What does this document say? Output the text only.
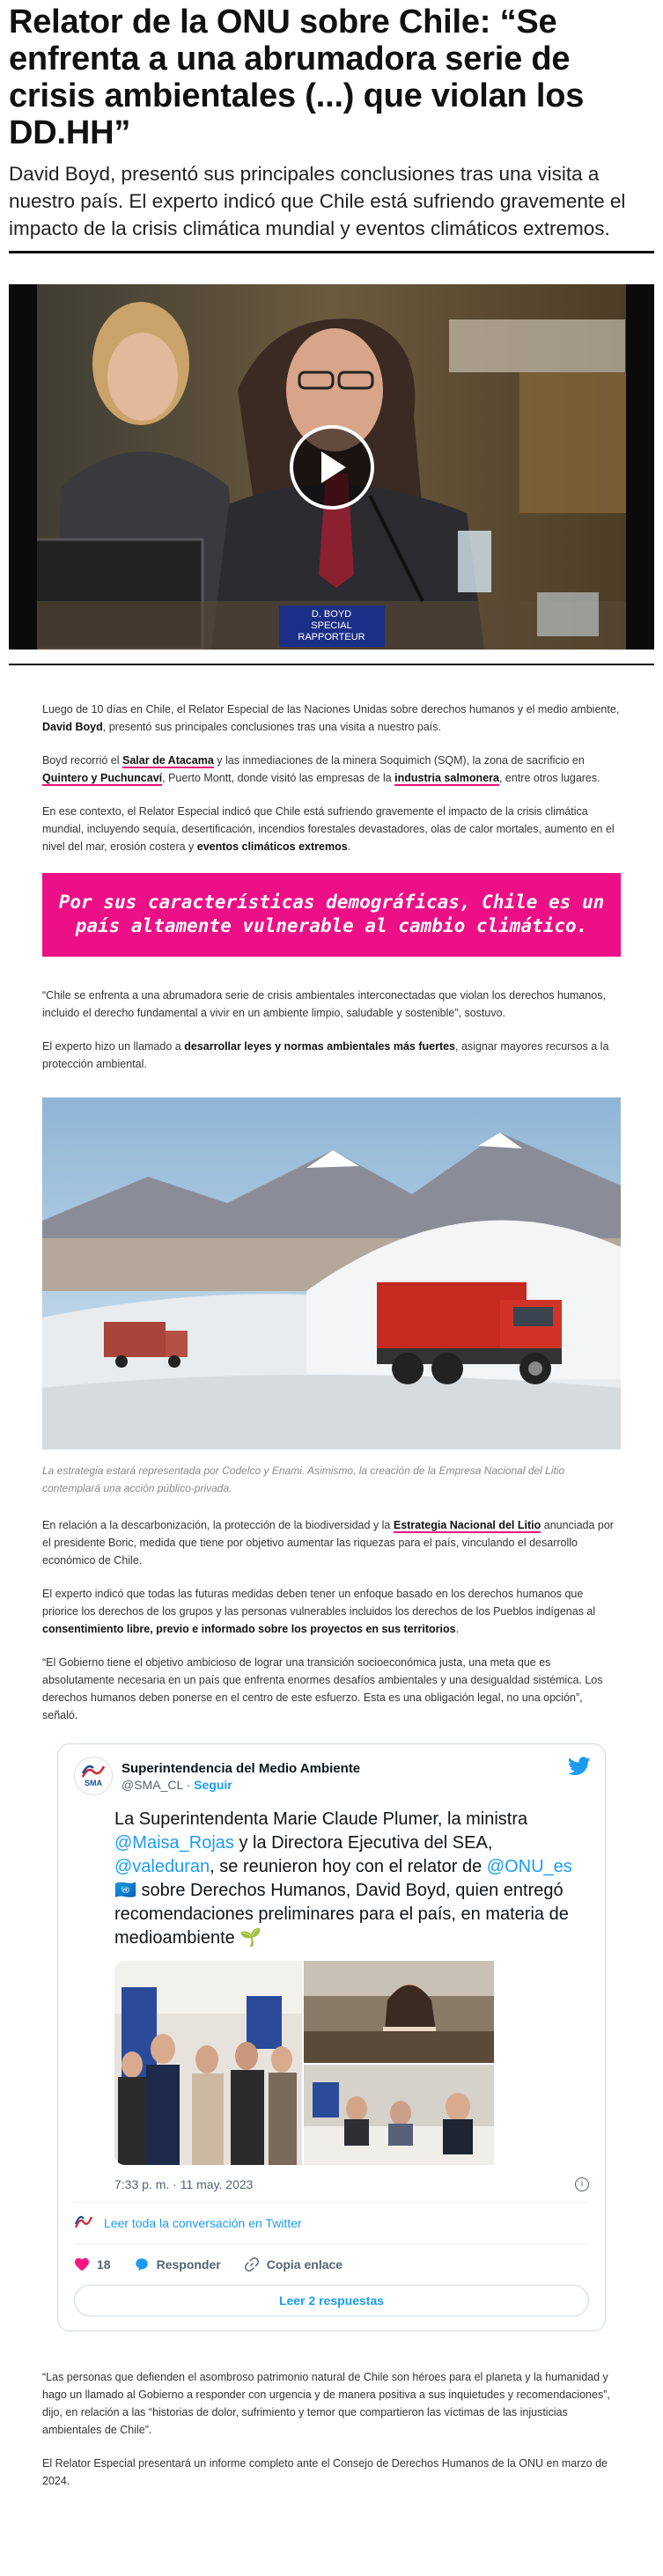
Relator de la ONU sobre Chile: “Se enfrenta a una abrumadora serie de crisis ambientales (...) que violan los DD.HH”

David Boyd, presentó sus principales conclusiones tras una visita a nuestro país. El experto indicó que Chile está sufriendo gravemente el impacto de la crisis climática mundial y eventos climáticos extremos.

D. BOYD
SPECIAL RAPPORTEUR

Luego de 10 días en Chile, el Relator Especial de las Naciones Unidas sobre derechos humanos y el medio ambiente, David Boyd, presentó sus principales conclusiones tras una visita a nuestro país.

Boyd recorrió el Salar de Atacama y las inmediaciones de la minera Soquimich (SQM), la zona de sacrificio en Quintero y Puchuncaví, Puerto Montt, donde visitó las empresas de la industria salmonera, entre otros lugares.

En ese contexto, el Relator Especial indicó que Chile está sufriendo gravemente el impacto de la crisis climática mundial, incluyendo sequía, desertificación, incendios forestales devastadores, olas de calor mortales, aumento en el nivel del mar, erosión costera y eventos climáticos extremos.

Por sus características demográficas, Chile es un país altamente vulnerable al cambio climático.

“Chile se enfrenta a una abrumadora serie de crisis ambientales interconectadas que violan los derechos humanos, incluido el derecho fundamental a vivir en un ambiente limpio, saludable y sostenible”, sostuvo.

El experto hizo un llamado a desarrollar leyes y normas ambientales más fuertes, asignar mayores recursos a la protección ambiental.

La estrategia estará representada por Codelco y Enami. Asimismo, la creación de la Empresa Nacional del Litio contemplará una acción público-privada.

En relación a la descarbonización, la protección de la biodiversidad y la Estrategia Nacional del Litio anunciada por el presidente Boric, medida que tiene por objetivo aumentar las riquezas para el país, vinculando el desarrollo económico de Chile.

El experto indicó que todas las futuras medidas deben tener un enfoque basado en los derechos humanos que priorice los derechos de los grupos y las personas vulnerables incluidos los derechos de los Pueblos indígenas al consentimiento libre, previo e informado sobre los proyectos en sus territorios.

“El Gobierno tiene el objetivo ambicioso de lograr una transición socioeconómica justa, una meta que es absolutamente necesaria en un país que enfrenta enormes desafíos ambientales y una desigualdad sistémica. Los derechos humanos deben ponerse en el centro de este esfuerzo. Esta es una obligación legal, no una opción”, señaló.

SMA
Superintendencia del Medio Ambiente
@SMA_CL · Seguir
La Superintendenta Marie Claude Plumer, la ministra @Maisa_Rojas y la Directora Ejecutiva del SEA, @valeduran, se reunieron hoy con el relator de @ONU_es 🇺🇳 sobre Derechos Humanos, David Boyd, quien entregó recomendaciones preliminares para el país, en materia de medioambiente 🌱
7:33 p. m. · 11 may. 2023	i
Leer toda la conversación en Twitter
18	Responder	Copia enlace
Leer 2 respuestas

“Las personas que defienden el asombroso patrimonio natural de Chile son héroes para el planeta y la humanidad y hago un llamado al Gobierno a responder con urgencia y de manera positiva a sus inquietudes y recomendaciones”, dijo, en relación a las “historias de dolor, sufrimiento y temor que compartieron las víctimas de las injusticias ambientales de Chile”.

El Relator Especial presentará un informe completo ante el Consejo de Derechos Humanos de la ONU en marzo de 2024.
